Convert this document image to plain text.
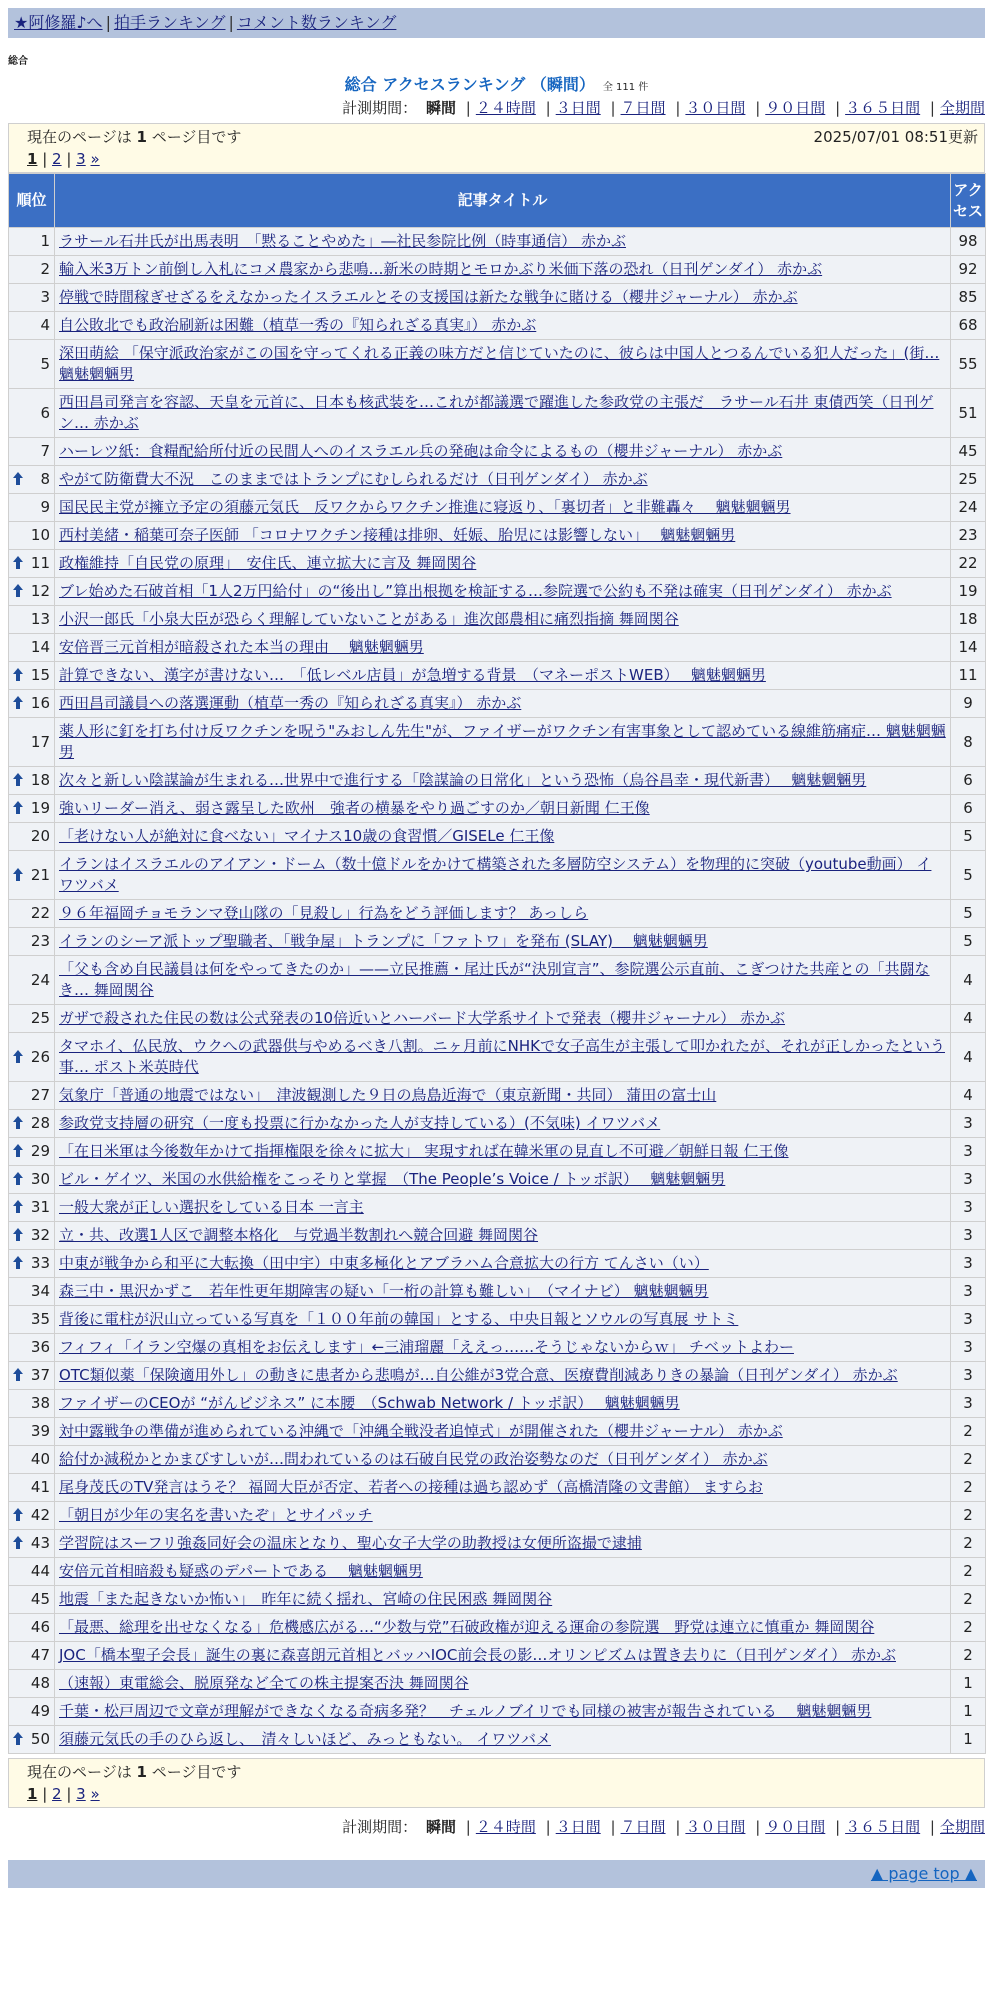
★阿修羅♪へ | 拍手ランキング | コメント数ランキング
総合
総合 アクセスランキング （瞬間） 全 111 件
計測期間： 瞬間 | ２４時間 | ３日間 | ７日間 | ３０日間 | ９０日間 | ３６５日間 | 全期間
現在のページは 1 ページ目です	2025/07/01 08:51更新
1 | 2 | 3 »
順位	記事タイトル	アクセス
1	ラサール石井氏が出馬表明　「黙ることやめた」―社民参院比例（時事通信） 赤かぶ	98
2	輸入米3万トン前倒し入札にコメ農家から悲鳴…新米の時期とモロかぶり米価下落の恐れ（日刊ゲンダイ） 赤かぶ	92
3	停戦で時間稼ぎせざるをえなかったイスラエルとその支援国は新たな戦争に賭ける（櫻井ジャーナル） 赤かぶ	85
4	自公敗北でも政治刷新は困難（植草一秀の『知られざる真実』） 赤かぶ	68
5	深田萌絵 「保守派政治家がこの国を守ってくれる正義の味方だと信じていたのに、彼らは中国人とつるんでいる犯人だった」(街… 魑魅魍魎男	55
6	西田昌司発言を容認、天皇を元首に、日本も核武装を…これが都議選で躍進した参政党の主張だ　ラサール石井 東債西笑（日刊ゲン… 赤かぶ	51
7	ハーレツ紙：食糧配給所付近の民間人へのイスラエル兵の発砲は命令によるもの（櫻井ジャーナル） 赤かぶ	45

8	やがて防衛費大不況　このままではトランプにむしられるだけ（日刊ゲンダイ） 赤かぶ	25
9	国民民主党が擁立予定の須藤元気氏　反ワクからワクチン推進に寝返り、「裏切者」と非難轟々　 魑魅魍魎男	24
10	西村美緒・稲葉可奈子医師 「コロナワクチン接種は排卵、妊娠、胎児には影響しない」　 魑魅魍魎男	23

11	政権維持「自民党の原理」　安住氏、連立拡大に言及 舞岡関谷	22

12	ブレ始めた石破首相「1人2万円給付」の“後出し”算出根拠を検証する…参院選で公約も不発は確実（日刊ゲンダイ） 赤かぶ	19
13	小沢一郎氏「小泉大臣が恐らく理解していないことがある」進次郎農相に痛烈指摘 舞岡関谷	18
14	安倍晋三元首相が暗殺された本当の理由　 魑魅魍魎男	14

15	計算できない、漢字が書けない…　「低レベル店員」が急増する背景　（マネーポストWEB）　 魑魅魍魎男	11

16	西田昌司議員への落選運動（植草一秀の『知られざる真実』） 赤かぶ	9
17	薬人形に釘を打ち付け反ワクチンを呪う"みおしん先生"が、ファイザーがワクチン有害事象として認めている線維筋痛症… 魑魅魍魎男	8

18	次々と新しい陰謀論が生まれる…世界中で進行する「陰謀論の日常化」という恐怖（烏谷昌幸・現代新書）　 魑魅魍魎男	6

19	強いリーダー消え、弱さ露呈した欧州　強者の横暴をやり過ごすのか／朝日新聞 仁王像	6
20	「老けない人が絶対に食べない」マイナス10歳の食習慣／GISELe 仁王像	5

21	イランはイスラエルのアイアン・ドーム（数十億ドルをかけて構築された多層防空システム）を物理的に突破（youtube動画） イワツバメ	5
22	９６年福岡チョモランマ登山隊の「見殺し」行為をどう評価します？ あっしら	5
23	イランのシーア派トップ聖職者、「戦争屋」トランプに「ファトワ」を発布 (SLAY)　 魑魅魍魎男	5
24	「父も含め自民議員は何をやってきたのか」——立民推薦・尾辻氏が“決別宣言”、参院選公示直前、こぎつけた共産との「共闘なき… 舞岡関谷	4
25	ガザで殺された住民の数は公式発表の10倍近いとハーバード大学系サイトで発表（櫻井ジャーナル） 赤かぶ	4

26	タマホイ、仏民放、ウクへの武器供与やめるべき八割。ニヶ月前にNHKで女子高生が主張して叩かれたが、それが正しかったという事… ポスト米英時代	4
27	気象庁「普通の地震ではない」　津波観測した９日の鳥島近海で（東京新聞・共同） 蒲田の富士山	4

28	参政党支持層の研究（一度も投票に行かなかった人が支持している）(不気味) イワツバメ	3

29	「在日米軍は今後数年かけて指揮権限を徐々に拡大」 実現すれば在韓米軍の見直し不可避／朝鮮日報 仁王像	3

30	ビル・ゲイツ、米国の水供給権をこっそりと掌握　（The People’s Voice / トッポ訳）　 魑魅魍魎男	3

31	一般大衆が正しい選択をしている日本 一言主	3

32	立・共、改選1人区で調整本格化　与党過半数割れへ競合回避 舞岡関谷	3

33	中東が戦争から和平に大転換（田中宇）中東多極化とアブラハム合意拡大の行方 てんさい（い）	3
34	森三中・黒沢かずこ　若年性更年期障害の疑い「一桁の計算も難しい」　（マイナビ） 魑魅魍魎男	3
35	背後に電柱が沢山立っている写真を「１００年前の韓国」とする、中央日報とソウルの写真展 サトミ	3
36	フィフィ「イラン空爆の真相をお伝えします」←三浦瑠麗「ええっ……そうじゃないからｗ」 チベットよわー	3

37	OTC類似薬「保険適用外し」の動きに患者から悲鳴が…自公維が3党合意、医療費削減ありきの暴論（日刊ゲンダイ） 赤かぶ	3
38	ファイザーのCEOが “がんビジネス” に本腰　（Schwab Network / トッポ訳）　 魑魅魍魎男	3
39	対中露戦争の準備が進められている沖縄で「沖縄全戦没者追悼式」が開催された（櫻井ジャーナル） 赤かぶ	2
40	給付か減税かとかまびすしいが…問われているのは石破自民党の政治姿勢なのだ（日刊ゲンダイ） 赤かぶ	2
41	尾身茂氏のTV発言はうそ？ 福岡大臣が否定、若者への接種は過ち認めず（高橋清隆の文書館） ますらお	2

42	「朝日が少年の実名を書いたぞ」とサイパッチ	2

43	学習院はスーフリ強姦同好会の温床となり、聖心女子大学の助教授は女便所盗撮で逮捕	2
44	安倍元首相暗殺も疑惑のデパートである　 魑魅魍魎男	2
45	地震「また起きないか怖い」　昨年に続く揺れ、宮崎の住民困惑 舞岡関谷	2
46	「最悪、総理を出せなくなる」危機感広がる…“少数与党”石破政権が迎える運命の参院選　野党は連立に慎重か 舞岡関谷	2
47	JOC「橋本聖子会長」誕生の裏に森喜朗元首相とバッハIOC前会長の影…オリンピズムは置き去りに（日刊ゲンダイ） 赤かぶ	2
48	（速報）東電総会、脱原発など全ての株主提案否決 舞岡関谷	1
49	千葉・松戸周辺で文章が理解ができなくなる奇病多発？　チェルノブイリでも同様の被害が報告されている　 魑魅魍魎男	1

50	須藤元気氏の手のひら返し、　清々しいほど、みっともない。 イワツバメ	1
現在のページは 1 ページ目です
1 | 2 | 3 »
計測期間： 瞬間 | ２４時間 | ３日間 | ７日間 | ３０日間 | ９０日間 | ３６５日間 | 全期間
▲ page top ▲
